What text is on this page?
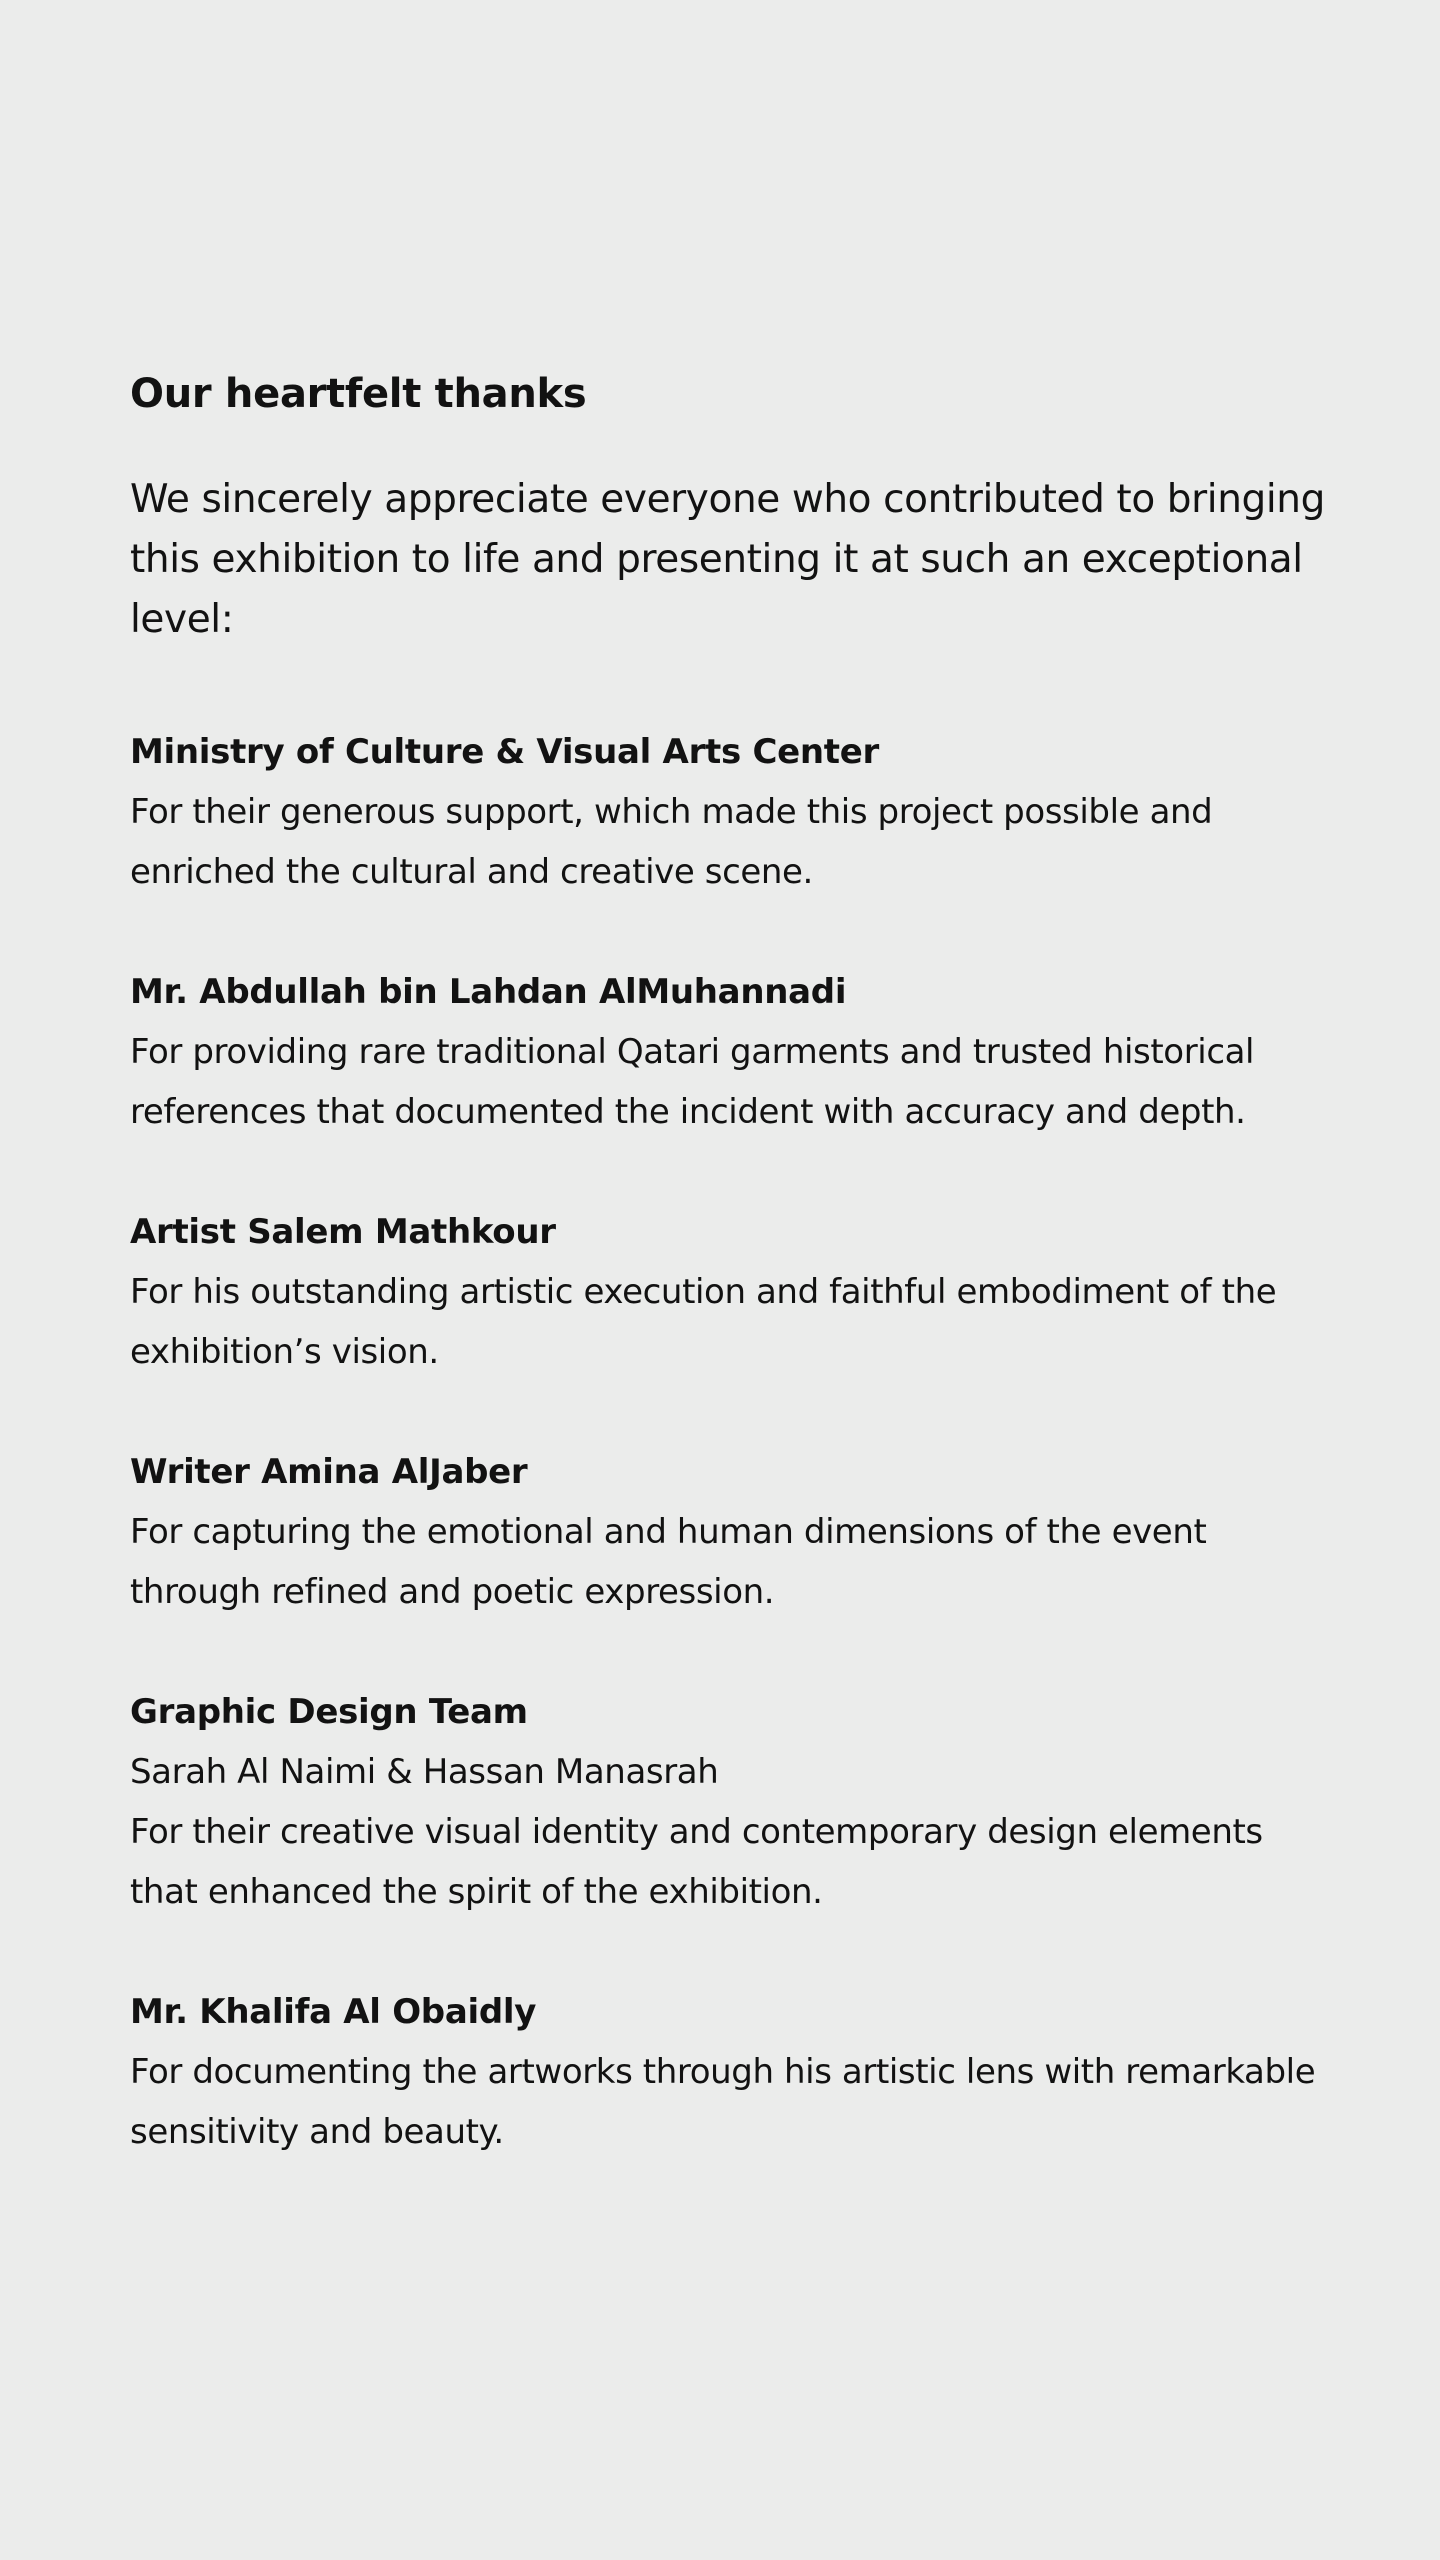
Our heartfelt thanks

We sincerely appreciate everyone who contributed to bringing this exhibition to life and presenting it at such an exceptional level:

Ministry of Culture & Visual Arts Center

For their generous support, which made this project possible and enriched the cultural and creative scene.

Mr. Abdullah bin Lahdan AlMuhannadi

For providing rare traditional Qatari garments and trusted historical references that documented the incident with accuracy and depth.

Artist Salem Mathkour

For his outstanding artistic execution and faithful embodiment of the exhibition’s vision.

Writer Amina AlJaber

For capturing the emotional and human dimensions of the event through refined and poetic expression.

Graphic Design Team

Sarah Al Naimi & Hassan Manasrah

For their creative visual identity and contemporary design elements that enhanced the spirit of the exhibition.

Mr. Khalifa Al Obaidly

For documenting the artworks through his artistic lens with remarkable sensitivity and beauty.
